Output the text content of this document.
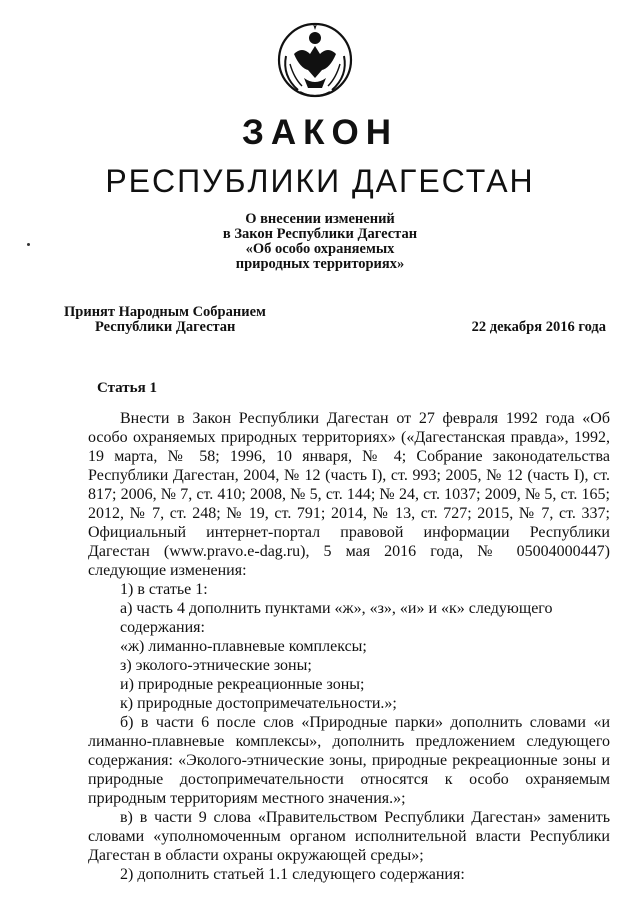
ЗАКОН
РЕСПУБЛИКИ ДАГЕСТАН
О внесении изменений
в Закон Республики Дагестан
«Об особо охраняемых
природных территориях»
Принят Народным Собранием
Республики Дагестан	22 декабря 2016 года
Статья 1

Внести в Закон Республики Дагестан от 27 февраля 1992 года «Об особо охраняемых природных территориях» («Дагестанская правда», 1992, 19 марта, № 58; 1996, 10 января, № 4; Собрание законодательства Республики Дагестан, 2004, № 12 (часть I), ст. 993; 2005, № 12 (часть I), ст. 817; 2006, № 7, ст. 410; 2008, № 5, ст. 144; № 24, ст. 1037; 2009, № 5, ст. 165; 2012, № 7, ст. 248; № 19, ст. 791; 2014, № 13, ст. 727; 2015, № 7, ст. 337; Официальный интернет-портал правовой информации Республики Дагестан (www.pravo.e-dag.ru), 5 мая 2016 года, № 05004000447) следующие изменения:

1) в статье 1:

а) часть 4 дополнить пунктами «ж», «з», «и» и «к» следующего содержания:

«ж) лиманно-плавневые комплексы;

з) эколого-этнические зоны;

и) природные рекреационные зоны;

к) природные достопримечательности.»;

б) в части 6 после слов «Природные парки» дополнить словами «и лиманно-плавневые комплексы», дополнить предложением следующего содержания: «Эколого-этнические зоны, природные рекреационные зоны и природные достопримечательности относятся к особо охраняемым природным территориям местного значения.»;

в) в части 9 слова «Правительством Республики Дагестан» заменить словами «уполномоченным органом исполнительной власти Республики Дагестан в области охраны окружающей среды»;

2) дополнить статьей 1.1 следующего содержания:
